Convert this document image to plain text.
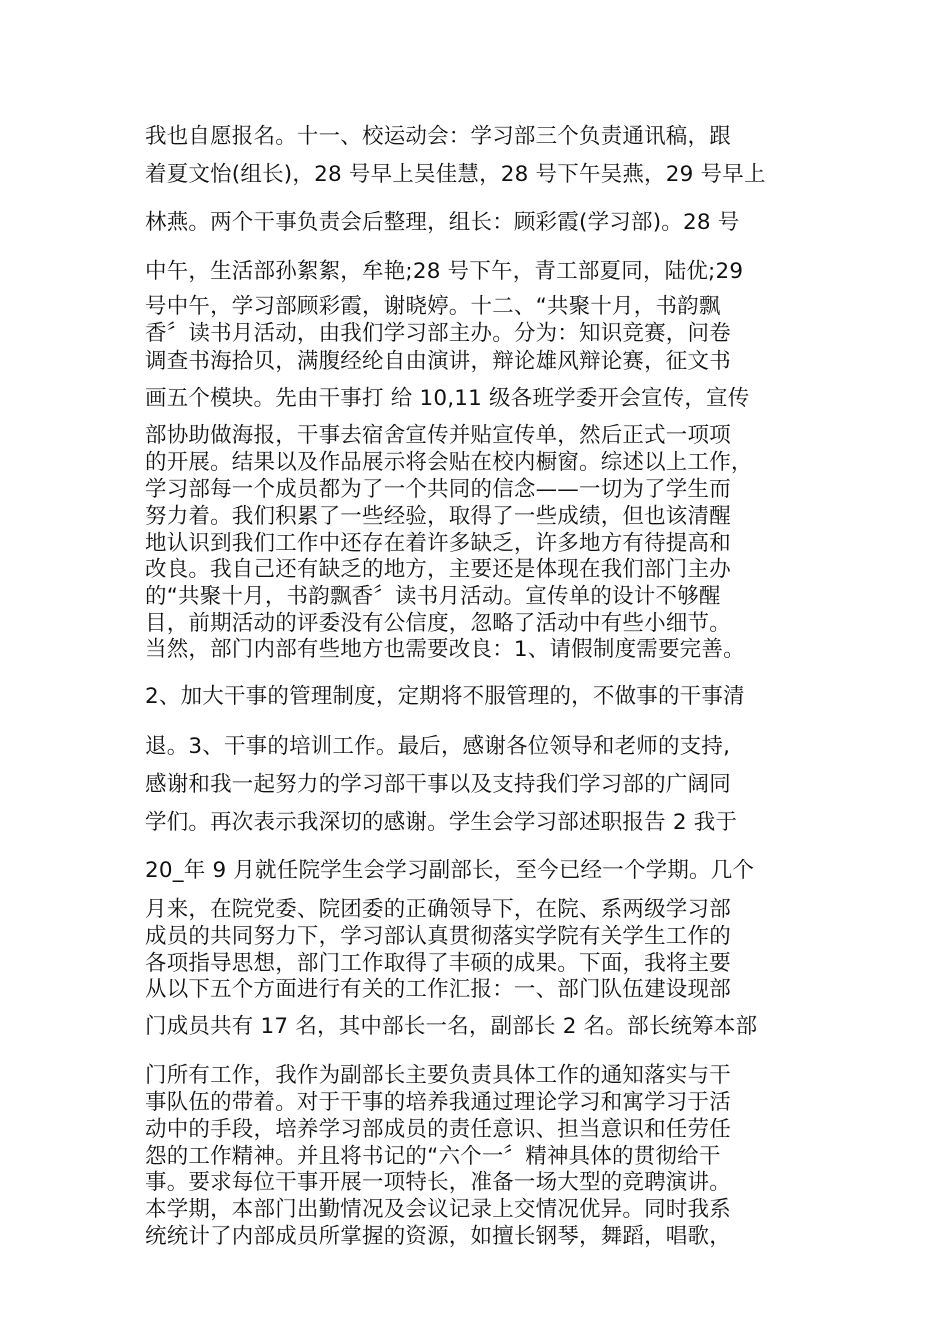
我也自愿报名。十一、校运动会：学习部三个负责通讯稿，跟
着夏文怡(组长)，28 号早上吴佳慧，28 号下午吴燕，29 号早上
林燕。两个干事负责会后整理，组长：顾彩霞(学习部)。28 号
中午，生活部孙絮絮，牟艳;28 号下午，青工部夏同，陆优;29
号中午，学习部顾彩霞，谢晓婷。十二、“共聚十月，书韵飘
香〞读书月活动，由我们学习部主办。分为：知识竞赛，问卷
调查书海拾贝，满腹经纶自由演讲，辩论雄风辩论赛，征文书
画五个模块。先由干事打 给 10,11 级各班学委开会宣传，宣传
部协助做海报，干事去宿舍宣传并贴宣传单，然后正式一项项
的开展。结果以及作品展示将会贴在校内橱窗。综述以上工作，
学习部每一个成员都为了一个共同的信念——一切为了学生而
努力着。我们积累了一些经验，取得了一些成绩，但也该清醒
地认识到我们工作中还存在着许多缺乏，许多地方有待提高和
改良。我自己还有缺乏的地方，主要还是体现在我们部门主办
的“共聚十月，书韵飘香〞读书月活动。宣传单的设计不够醒
目，前期活动的评委没有公信度，忽略了活动中有些小细节。
当然，部门内部有些地方也需要改良：1、请假制度需要完善。
2、加大干事的管理制度，定期将不服管理的，不做事的干事清
退。3、干事的培训工作。最后，感谢各位领导和老师的支持,
感谢和我一起努力的学习部干事以及支持我们学习部的广阔同
学们。再次表示我深切的感谢。学生会学习部述职报告 2 我于
20_年 9 月就任院学生会学习副部长，至今已经一个学期。几个
月来，在院党委、院团委的正确领导下，在院、系两级学习部
成员的共同努力下，学习部认真贯彻落实学院有关学生工作的
各项指导思想，部门工作取得了丰硕的成果。下面，我将主要
从以下五个方面进行有关的工作汇报：一、部门队伍建设现部
门成员共有 17 名，其中部长一名，副部长 2 名。部长统筹本部
门所有工作，我作为副部长主要负责具体工作的通知落实与干
事队伍的带着。对于干事的培养我通过理论学习和寓学习于活
动中的手段，培养学习部成员的责任意识、担当意识和任劳任
怨的工作精神。并且将书记的“六个一〞精神具体的贯彻给干
事。要求每位干事开展一项特长，准备一场大型的竞聘演讲。
本学期，本部门出勤情况及会议记录上交情况优异。同时我系
统统计了内部成员所掌握的资源，如擅长钢琴，舞蹈，唱歌，
